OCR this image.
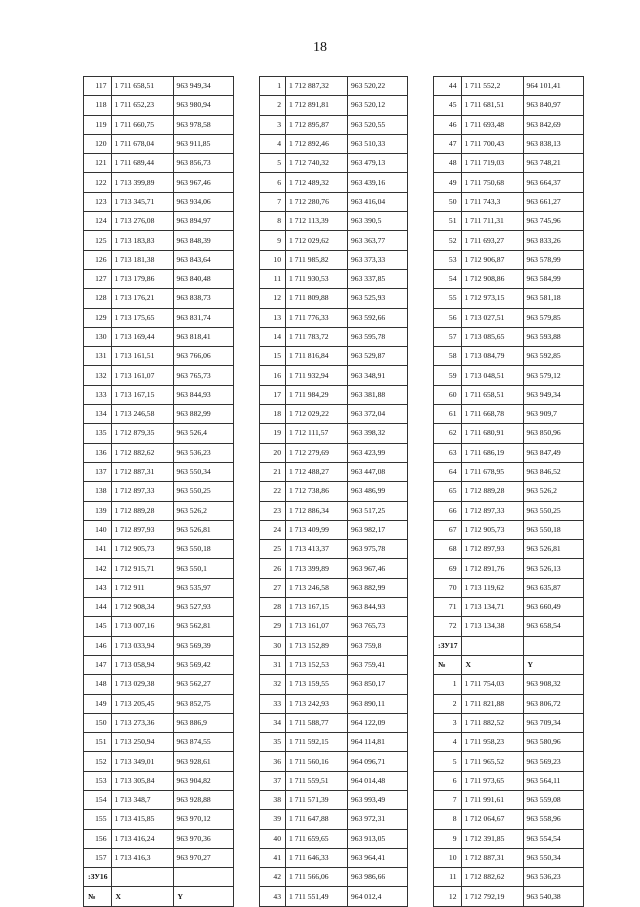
18
117	1 711 658,51	963 949,34
118	1 711 652,23	963 980,94
119	1 711 660,75	963 978,58
120	1 711 678,04	963 911,85
121	1 711 689,44	963 856,73
122	1 713 399,89	963 967,46
123	1 713 345,71	963 934,06
124	1 713 276,08	963 894,97
125	1 713 183,83	963 848,39
126	1 713 181,38	963 843,64
127	1 713 179,86	963 840,48
128	1 713 176,21	963 838,73
129	1 713 175,65	963 831,74
130	1 713 169,44	963 818,41
131	1 713 161,51	963 766,06
132	1 713 161,07	963 765,73
133	1 713 167,15	963 844,93
134	1 713 246,58	963 882,99
135	1 712 879,35	963 526,4
136	1 712 882,62	963 536,23
137	1 712 887,31	963 550,34
138	1 712 897,33	963 550,25
139	1 712 889,28	963 526,2
140	1 712 897,93	963 526,81
141	1 712 905,73	963 550,18
142	1 712 915,71	963 550,1
143	1 712 911	963 535,97
144	1 712 908,34	963 527,93
145	1 713 007,16	963 562,81
146	1 713 033,94	963 569,39
147	1 713 058,94	963 569,42
148	1 713 029,38	963 562,27
149	1 713 205,45	963 852,75
150	1 713 273,36	963 886,9
151	1 713 250,94	963 874,55
152	1 713 349,01	963 928,61
153	1 713 305,84	963 904,82
154	1 713 348,7	963 928,88
155	1 713 415,85	963 970,12
156	1 713 416,24	963 970,36
157	1 713 416,3	963 970,27
:ЗУ16		
№	X	Y
1	1 712 887,32	963 520,22
2	1 712 891,81	963 520,12
3	1 712 895,87	963 520,55
4	1 712 892,46	963 510,33
5	1 712 740,32	963 479,13
6	1 712 489,32	963 439,16
7	1 712 280,76	963 416,04
8	1 712 113,39	963 390,5
9	1 712 029,62	963 363,77
10	1 711 985,82	963 373,33
11	1 711 930,53	963 337,85
12	1 711 809,88	963 525,93
13	1 711 776,33	963 592,66
14	1 711 783,72	963 595,78
15	1 711 816,84	963 529,87
16	1 711 932,94	963 348,91
17	1 711 984,29	963 381,88
18	1 712 029,22	963 372,04
19	1 712 111,57	963 398,32
20	1 712 279,69	963 423,99
21	1 712 488,27	963 447,08
22	1 712 738,86	963 486,99
23	1 712 886,34	963 517,25
24	1 713 409,99	963 982,17
25	1 713 413,37	963 975,78
26	1 713 399,89	963 967,46
27	1 713 246,58	963 882,99
28	1 713 167,15	963 844,93
29	1 713 161,07	963 765,73
30	1 713 152,89	963 759,8
31	1 713 152,53	963 759,41
32	1 713 159,55	963 850,17
33	1 713 242,93	963 890,11
34	1 711 588,77	964 122,09
35	1 711 592,15	964 114,81
36	1 711 560,16	964 096,71
37	1 711 559,51	964 014,48
38	1 711 571,39	963 993,49
39	1 711 647,88	963 972,31
40	1 711 659,65	963 913,05
41	1 711 646,33	963 964,41
42	1 711 566,06	963 986,66
43	1 711 551,49	964 012,4
44	1 711 552,2	964 101,41
45	1 711 681,51	963 840,97
46	1 711 693,48	963 842,69
47	1 711 700,43	963 838,13
48	1 711 719,03	963 748,21
49	1 711 750,68	963 664,37
50	1 711 743,3	963 661,27
51	1 711 711,31	963 745,96
52	1 711 693,27	963 833,26
53	1 712 906,87	963 578,99
54	1 712 908,86	963 584,99
55	1 712 973,15	963 581,18
56	1 713 027,51	963 579,85
57	1 713 085,65	963 593,88
58	1 713 084,79	963 592,85
59	1 713 048,51	963 579,12
60	1 711 658,51	963 949,34
61	1 711 668,78	963 909,7
62	1 711 680,91	963 850,96
63	1 711 686,19	963 847,49
64	1 711 678,95	963 846,52
65	1 712 889,28	963 526,2
66	1 712 897,33	963 550,25
67	1 712 905,73	963 550,18
68	1 712 897,93	963 526,81
69	1 712 891,76	963 526,13
70	1 713 119,62	963 635,87
71	1 713 134,71	963 660,49
72	1 713 134,38	963 658,54
:ЗУ17		
№	X	Y
1	1 711 754,03	963 908,32
2	1 711 821,88	963 806,72
3	1 711 882,52	963 709,34
4	1 711 958,23	963 580,96
5	1 711 965,52	963 569,23
6	1 711 973,65	963 564,11
7	1 711 991,61	963 559,08
8	1 712 064,67	963 558,96
9	1 712 391,85	963 554,54
10	1 712 887,31	963 550,34
11	1 712 882,62	963 536,23
12	1 712 792,19	963 540,38
